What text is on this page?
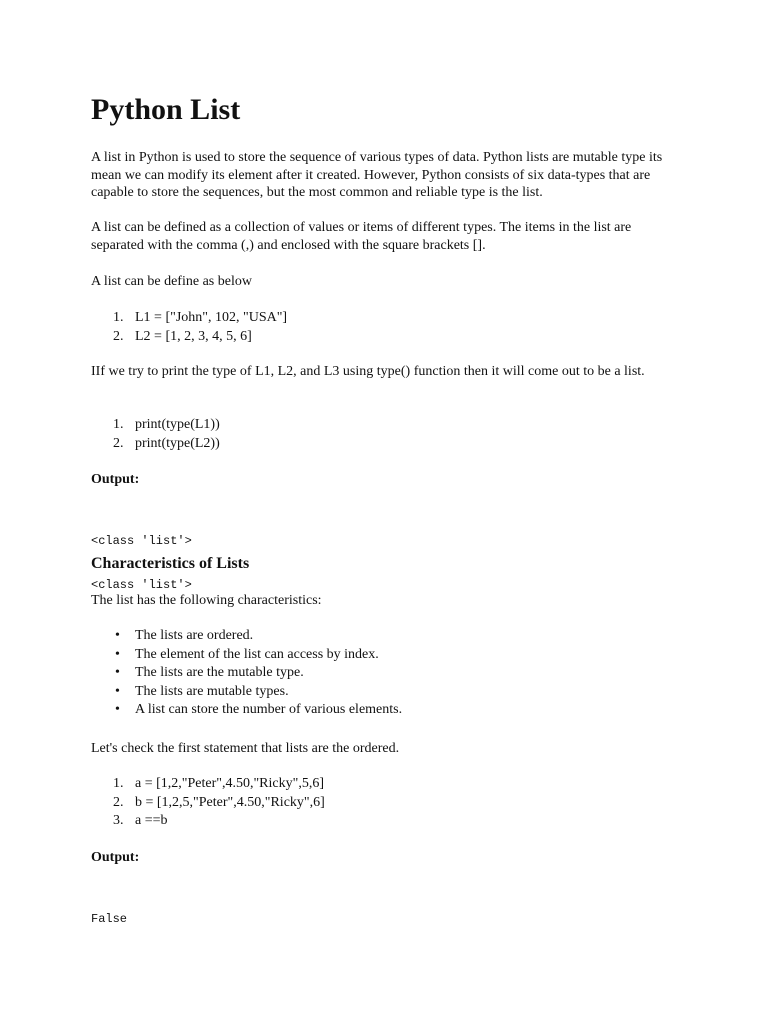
Python List

A list in Python is used to store the sequence of various types of data. Python lists are mutable type its mean we can modify its element after it created. However, Python consists of six data-types that are capable to store the sequences, but the most common and reliable type is the list.

A list can be defined as a collection of values or items of different types. The items in the list are separated with the comma (,) and enclosed with the square brackets [].

A list can be define as below

1. L1 = ["John", 102, "USA"]
2. L2 = [1, 2, 3, 4, 5, 6]

IIf we try to print the type of L1, L2, and L3 using type() function then it will come out to be a list.

1. print(type(L1))
2. print(type(L2))

Output:

<class 'list'>

<class 'list'>

Characteristics of Lists

The list has the following characteristics:

• The lists are ordered.
• The element of the list can access by index.
• The lists are the mutable type.
• The lists are mutable types.
• A list can store the number of various elements.

Let's check the first statement that lists are the ordered.

1. a = [1,2,"Peter",4.50,"Ricky",5,6]
2. b = [1,2,5,"Peter",4.50,"Ricky",6]
3. a ==b

Output:

False
